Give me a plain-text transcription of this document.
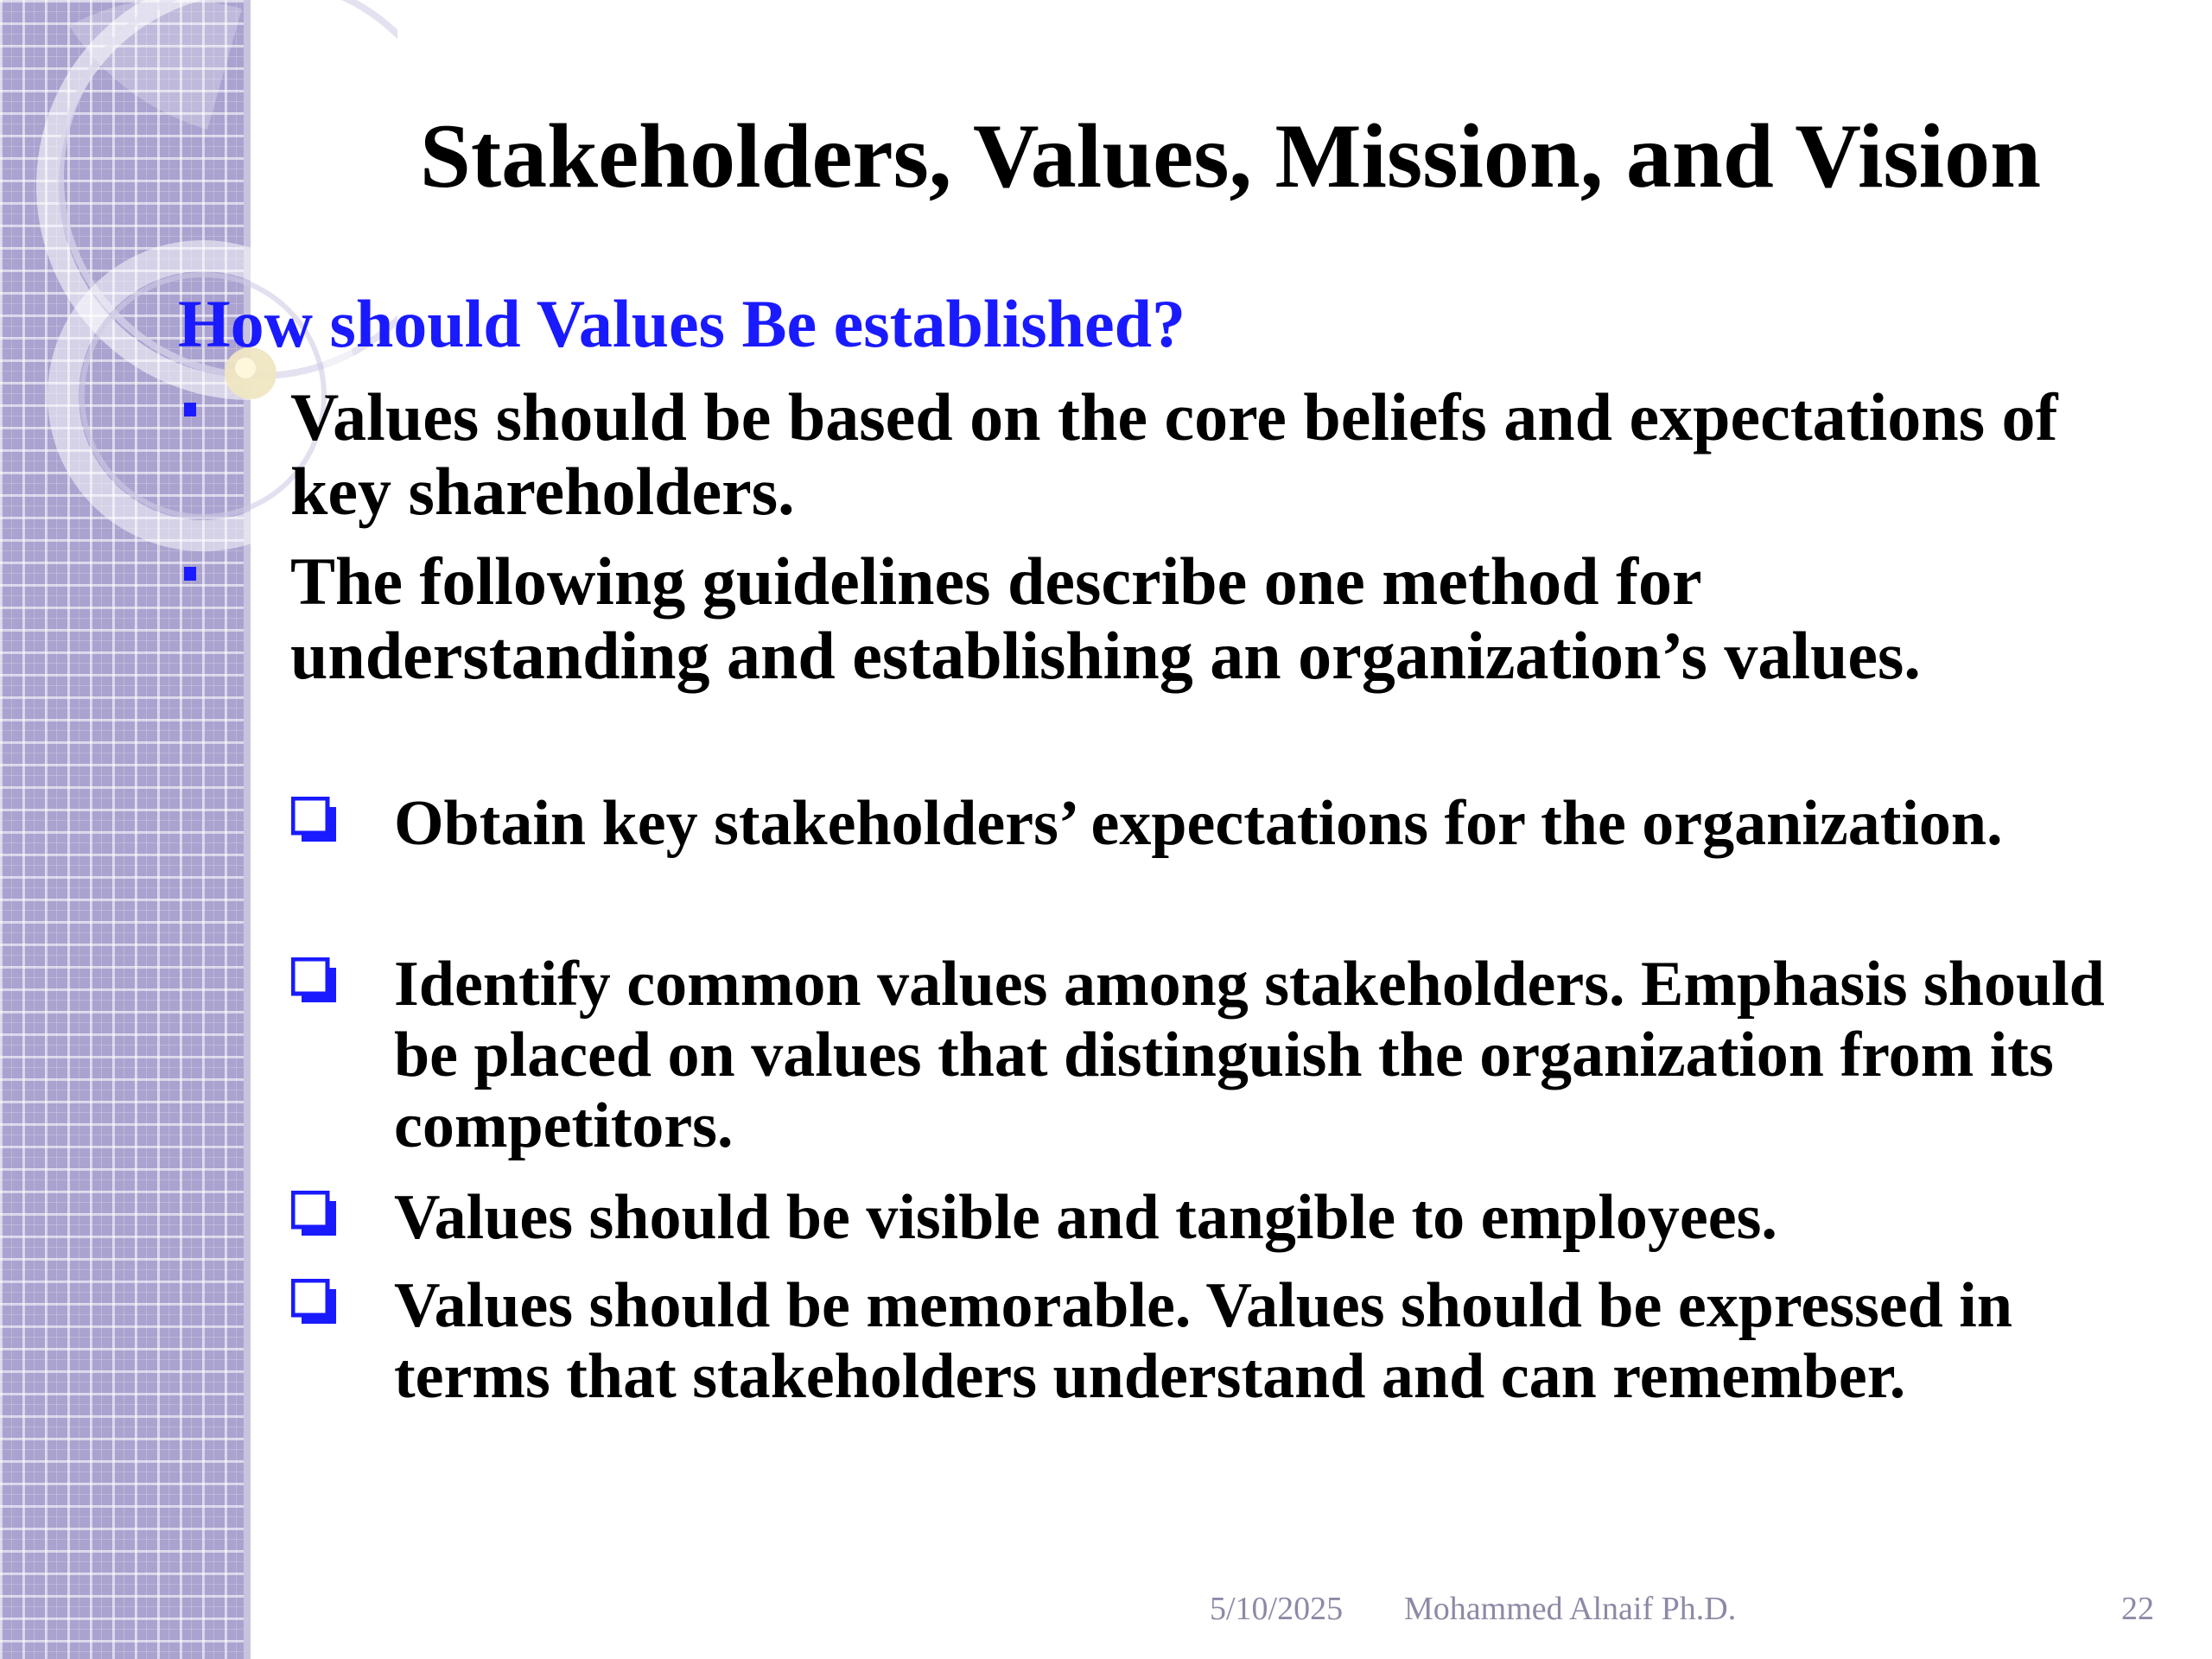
Stakeholders, Values, Mission, and Vision
How should Values Be established?
Values should be based on the core beliefs and expectations of key shareholders.
The following guidelines describe one method for understanding and establishing an organization’s values.
Obtain key stakeholders’ expectations for the organization.
Identify common values among stakeholders. Emphasis should be placed on values that distinguish the organization from its competitors.
Values should be visible and tangible to employees.
Values should be memorable. Values should be expressed in terms that stakeholders understand and can remember.
5/10/2025 Mohammed Alnaif Ph.D.	22
